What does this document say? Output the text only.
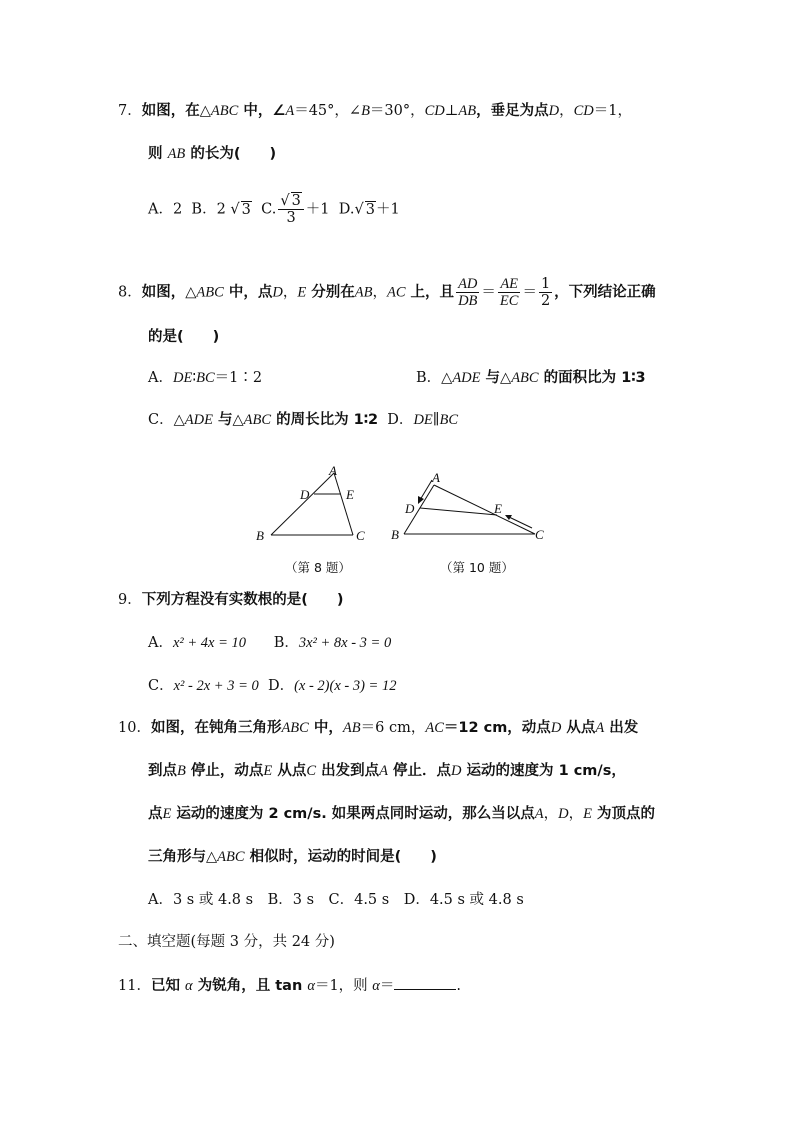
7．如图，在△ABC 中，∠A＝45°，∠B＝30°，CD⊥AB，垂足为点D，CD＝1，
则 AB 的长为(　　)
A．2 B．2 √ 3 C. $\frac{√ 3}{3} +1$ D.√ 3＋1
8．如图，△ABC 中，点D，E 分别在AB，AC 上，且 $\frac{AD}{DB} = \frac{AE}{EC} = \frac{1}{2}$ ，下列结论正确
的是(　　)
A．DE∶BC＝1∶2	B．△ADE 与△ABC 的面积比为 1∶3
C．△ADE 与△ABC 的周长比为 1∶2 D．DE∥BC
A
D	E
B	C
（第 8 题）
A
D	E
B	C
（第 10 题）
9．下列方程没有实数根的是(　　)
A．x² + 4x = 10 B．3x² + 8x - 3 = 0
C．x² - 2x + 3 = 0 D．(x - 2)(x - 3) = 12
10．如图，在钝角三角形ABC 中，AB＝6 cm，AC＝12 cm，动点D 从点A 出发
到点B 停止，动点E 从点C 出发到点A 停止．点D 运动的速度为 1 cm/s，
点E 运动的速度为 2 cm/s. 如果两点同时运动，那么当以点A，D，E 为顶点的
三角形与△ABC 相似时，运动的时间是(　　)
A．3 s 或 4.8 s　B．3 s　C．4.5 s　D．4.5 s 或 4.8 s
二、填空题(每题 3 分，共 24 分)
11．已知 α 为锐角，且 tan α＝1，则 α＝	.
